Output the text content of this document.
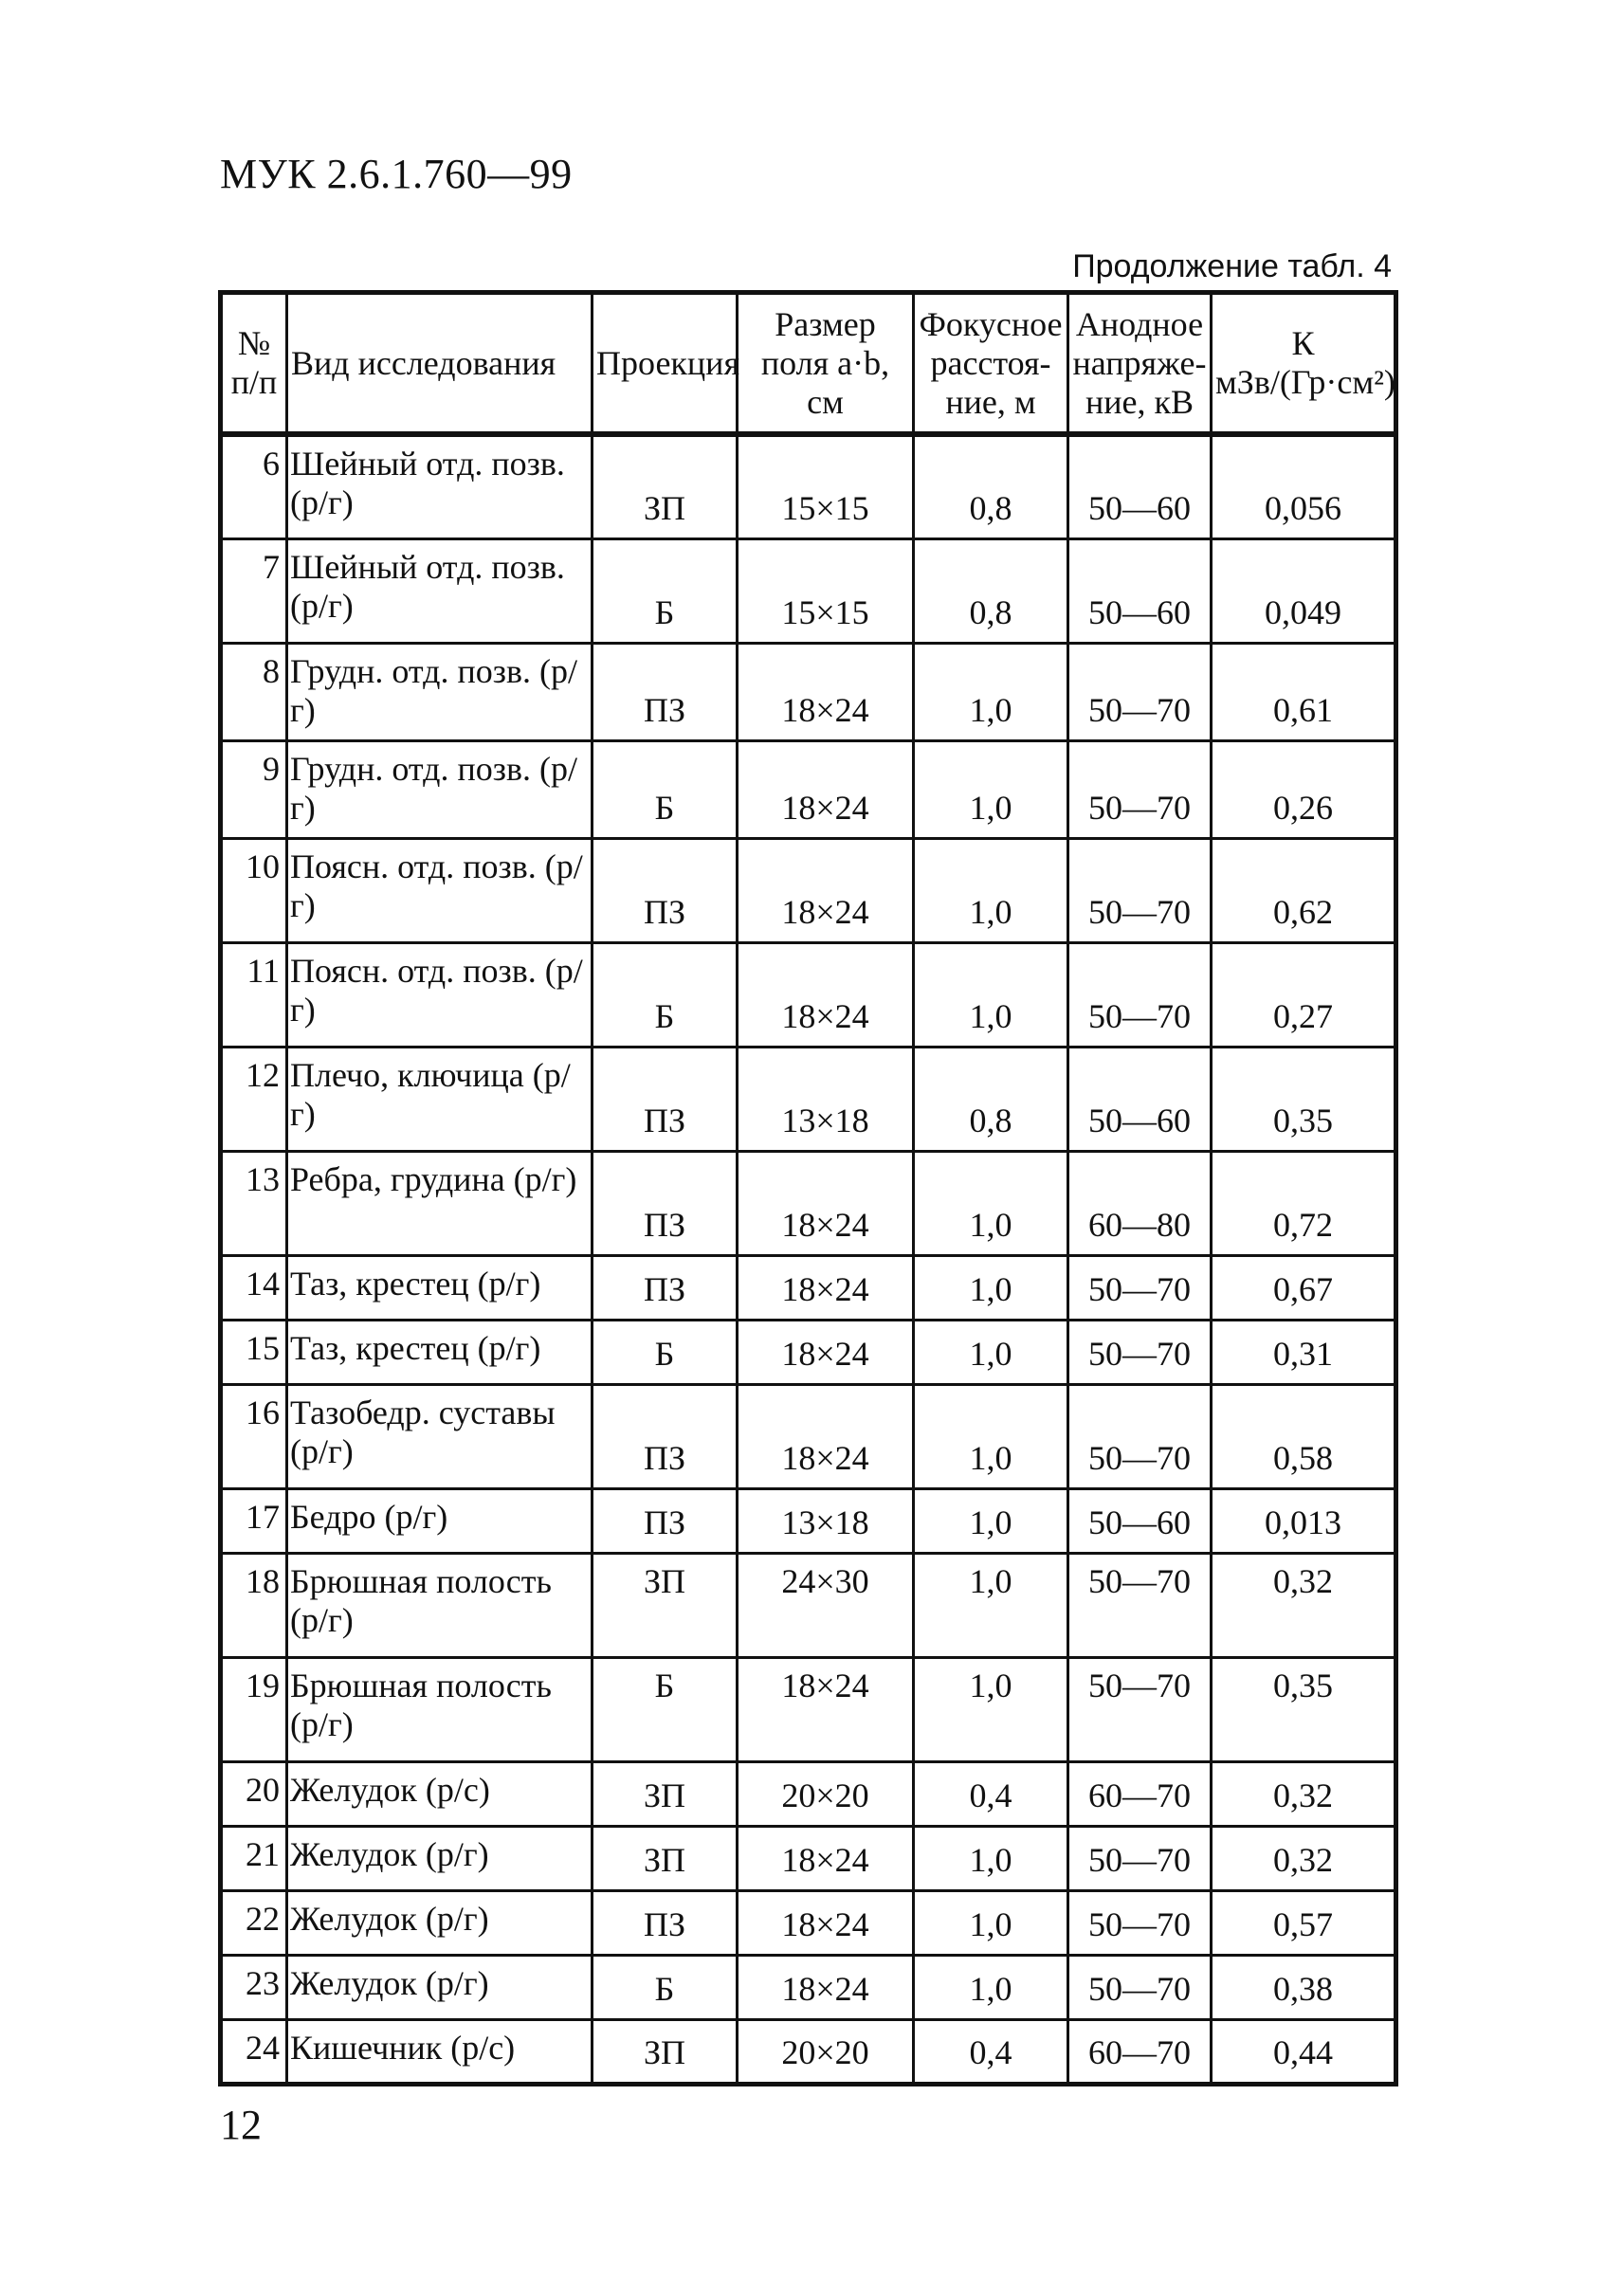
МУК 2.6.1.760—99
Продолжение табл. 4
№ п/п	Вид исследования	Проекция	Размер поля a·b, см	Фокусное расстоя- ние, м	Анодное напряже- ние, кВ	К мЗв/(Гр·см²)
6	Шейный отд. позв. (р/г)	ЗП	15×15	0,8	50—60	0,056
7	Шейный отд. позв. (р/г)	Б	15×15	0,8	50—60	0,049
8	Грудн. отд. позв. (р/г)	ПЗ	18×24	1,0	50—70	0,61
9	Грудн. отд. позв. (р/г)	Б	18×24	1,0	50—70	0,26
10	Поясн. отд. позв. (р/г)	ПЗ	18×24	1,0	50—70	0,62
11	Поясн. отд. позв. (р/г)	Б	18×24	1,0	50—70	0,27
12	Плечо, ключица (р/г)	ПЗ	13×18	0,8	50—60	0,35
13	Ребра, грудина (р/г)	ПЗ	18×24	1,0	60—80	0,72
14	Таз, крестец (р/г)	ПЗ	18×24	1,0	50—70	0,67
15	Таз, крестец (р/г)	Б	18×24	1,0	50—70	0,31
16	Тазобедр. суставы (р/г)	ПЗ	18×24	1,0	50—70	0,58
17	Бедро (р/г)	ПЗ	13×18	1,0	50—60	0,013
18	Брюшная полость (р/г)	ЗП	24×30	1,0	50—70	0,32
19	Брюшная полость (р/г)	Б	18×24	1,0	50—70	0,35
20	Желудок (р/с)	ЗП	20×20	0,4	60—70	0,32
21	Желудок (р/г)	ЗП	18×24	1,0	50—70	0,32
22	Желудок (р/г)	ПЗ	18×24	1,0	50—70	0,57
23	Желудок (р/г)	Б	18×24	1,0	50—70	0,38
24	Кишечник (р/с)	ЗП	20×20	0,4	60—70	0,44
12
